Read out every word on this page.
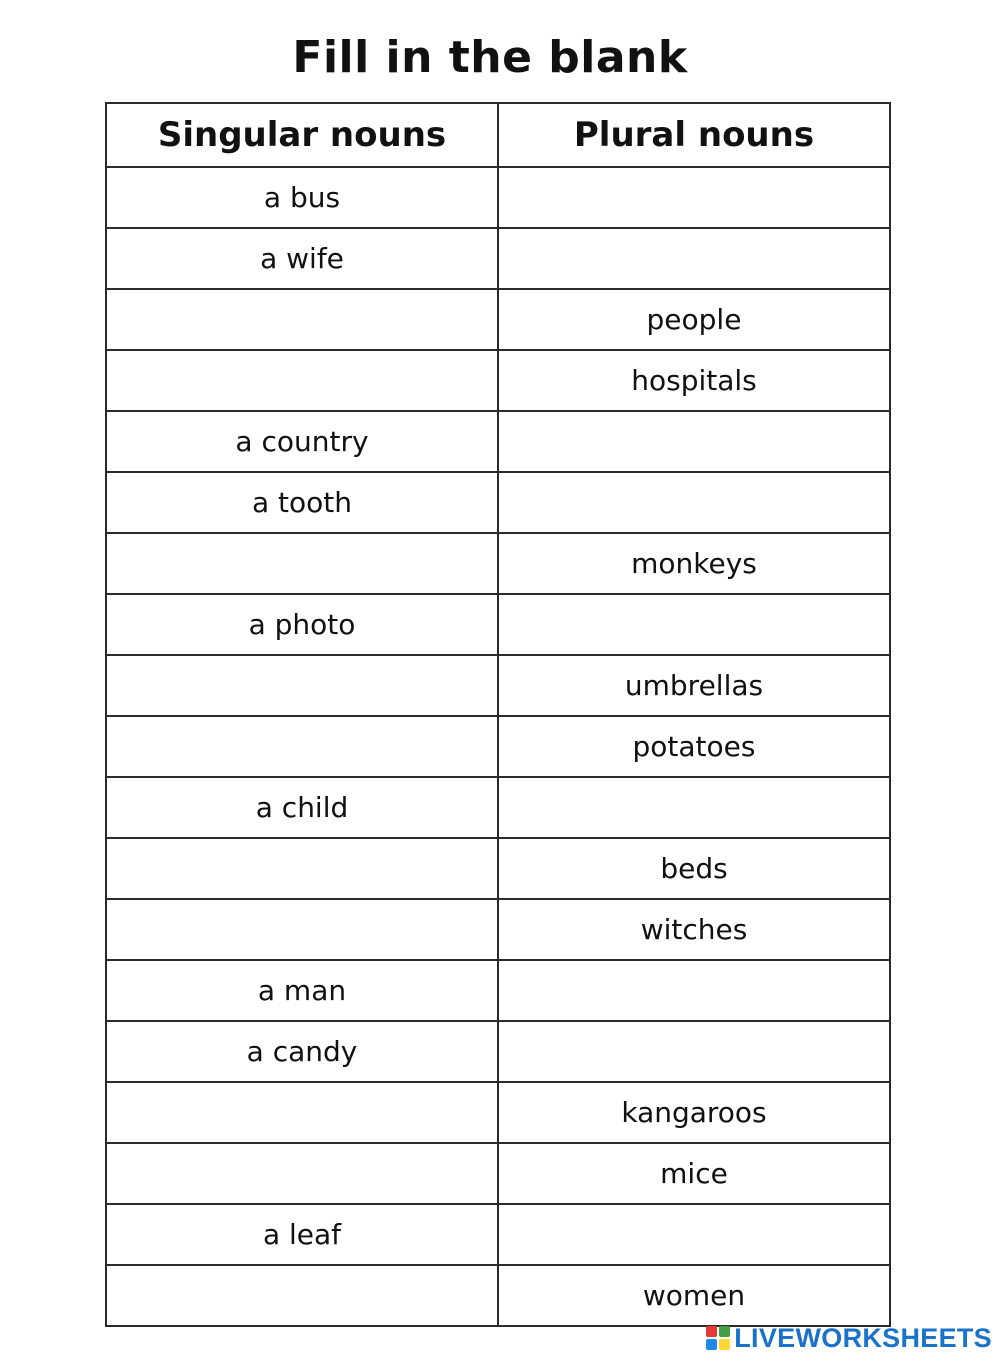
Fill in the blank
Singular nouns	Plural nouns
a bus	
a wife	
	people
	hospitals
a country	
a tooth	
	monkeys
a photo	
	umbrellas
	potatoes
a child	
	beds
	witches
a man	
a candy	
	kangaroos
	mice
a leaf	
	women
LIVEWORKSHEETS
